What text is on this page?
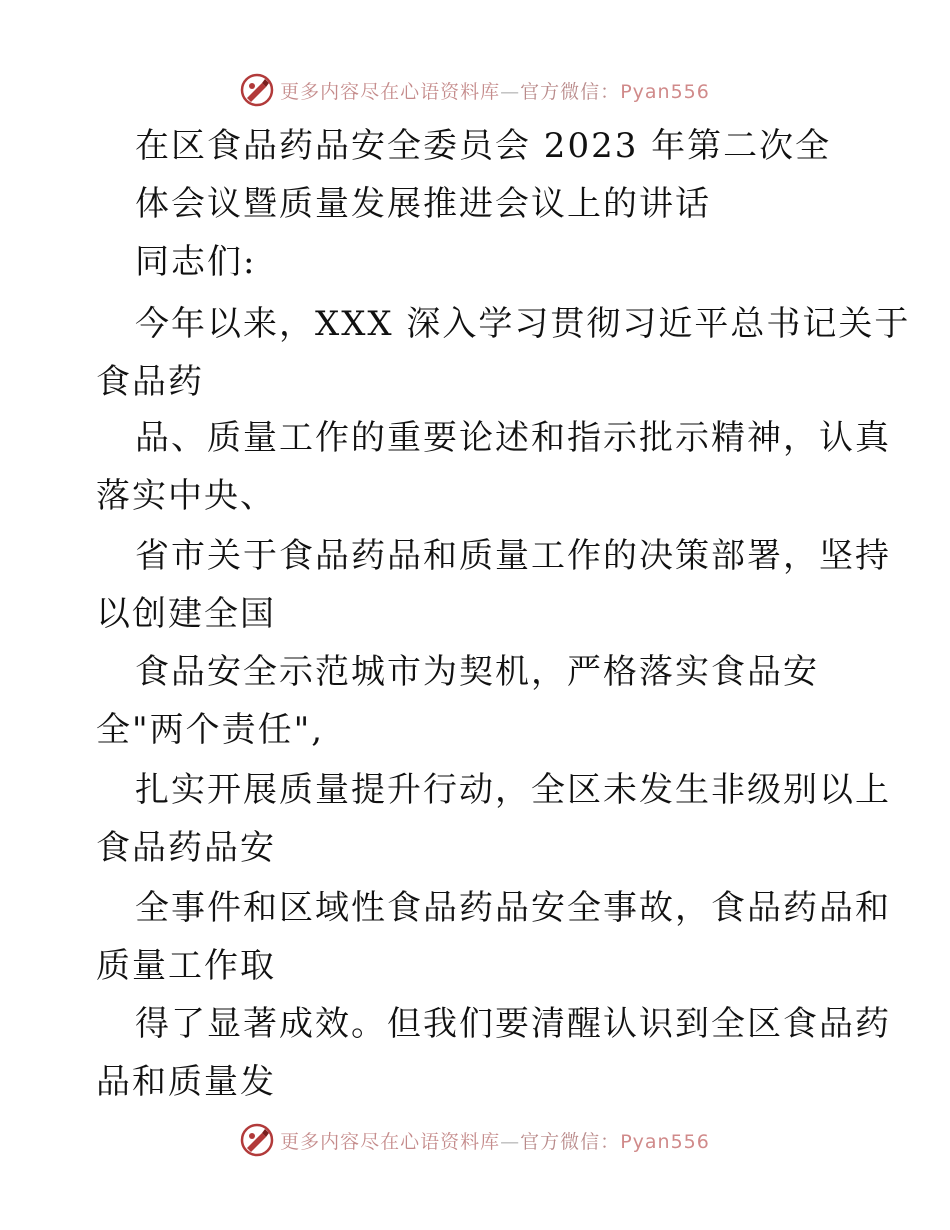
更多内容尽在心语资料库—官方微信：Pyan556
在区食品药品安全委员会 2023 年第二次全
体会议暨质量发展推进会议上的讲话
同志们:
今年以来，XXX 深入学习贯彻习近平总书记关于
食品药
品、质量工作的重要论述和指示批示精神，认真
落实中央、
省市关于食品药品和质量工作的决策部署，坚持
以创建全国
食品安全示范城市为契机，严格落实食品安
全"两个责任",
扎实开展质量提升行动，全区未发生非级别以上
食品药品安
全事件和区域性食品药品安全事故，食品药品和
质量工作取
得了显著成效。但我们要清醒认识到全区食品药
品和质量发
更多内容尽在心语资料库—官方微信：Pyan556
